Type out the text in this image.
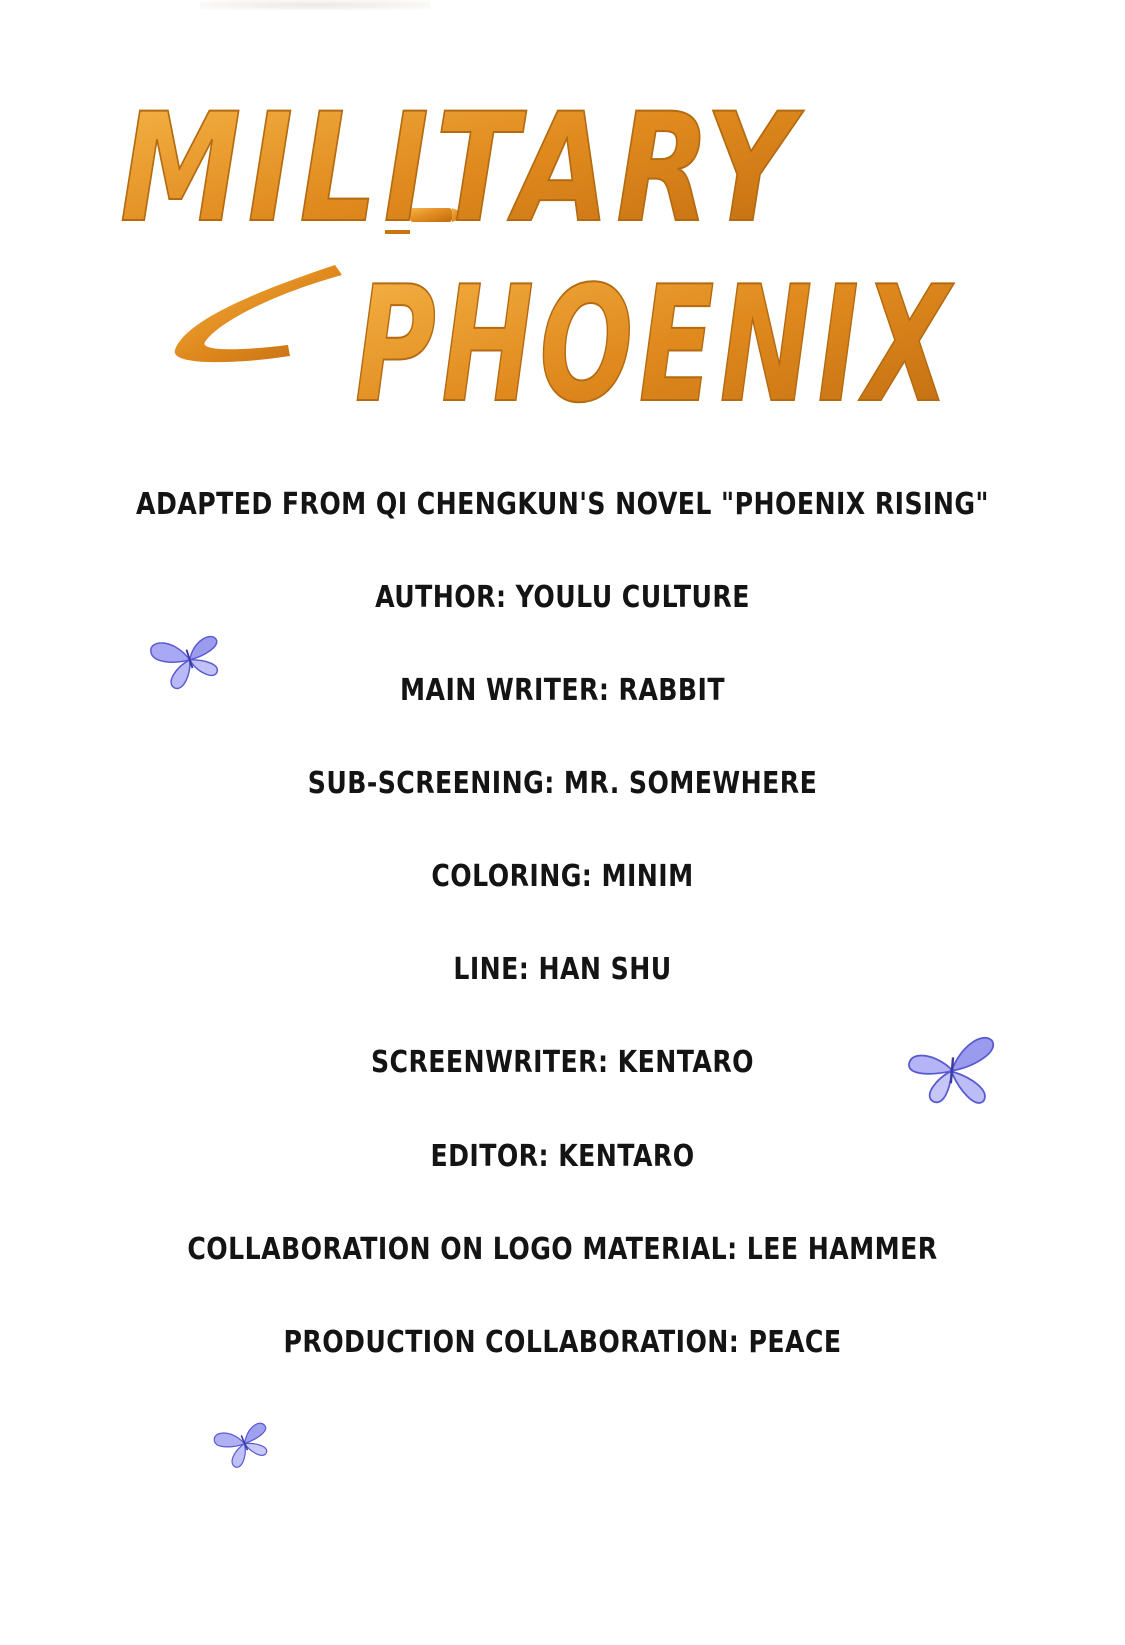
MILITARY
PHOENIX
ADAPTED FROM QI CHENGKUN'S NOVEL "PHOENIX RISING"
AUTHOR: YOULU CULTURE
MAIN WRITER: RABBIT
SUB-SCREENING: MR. SOMEWHERE
COLORING: MINIM
LINE: HAN SHU
SCREENWRITER: KENTARO
EDITOR: KENTARO
COLLABORATION ON LOGO MATERIAL: LEE HAMMER
PRODUCTION COLLABORATION: PEACE
